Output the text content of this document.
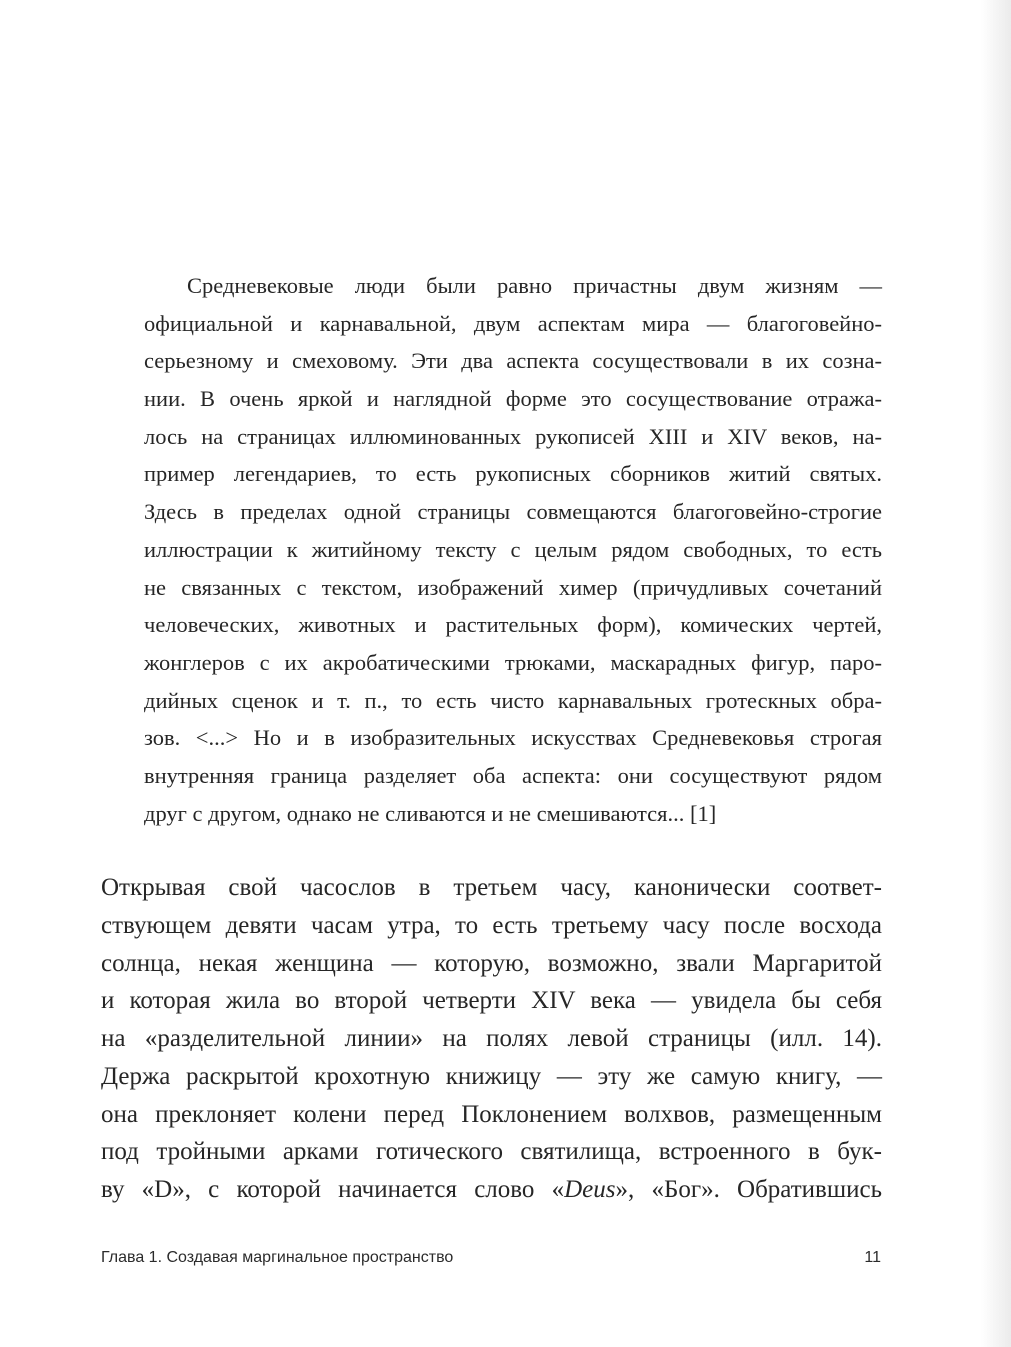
Средневековые люди были равно причастны двум жизням —
официальной и карнавальной, двум аспектам мира — благоговейно-
серьезному и смеховому. Эти два аспекта сосуществовали в их созна-
нии. В очень яркой и наглядной форме это сосуществование отража-
лось на страницах иллюминованных рукописей XIII и XIV веков, на-
пример легендариев, то есть рукописных сборников житий святых.
Здесь в пределах одной страницы совмещаются благоговейно-строгие
иллюстрации к житийному тексту с целым рядом свободных, то есть
не связанных с текстом, изображений химер (причудливых сочетаний
человеческих, животных и растительных форм), комических чертей,
жонглеров с их акробатическими трюками, маскарадных фигур, паро-
дийных сценок и т. п., то есть чисто карнавальных гротескных обра-
зов. <...> Но и в изобразительных искусствах Средневековья строгая
внутренняя граница разделяет оба аспекта: они сосуществуют рядом
друг с другом, однако не сливаются и не смешиваются... [1]
Открывая свой часослов в третьем часу, канонически соответ-
ствующем девяти часам утра, то есть третьему часу после восхода
солнца, некая женщина — которую, возможно, звали Маргаритой
и которая жила во второй четверти XIV века — увидела бы себя
на «разделительной линии» на полях левой страницы (илл. 14).
Держа раскрытой крохотную книжицу — эту же самую книгу, —
она преклоняет колени перед Поклонением волхвов, размещенным
под тройными арками готического святилища, встроенного в бук-
ву «D», с которой начинается слово «Deus», «Бог». Обратившись
Глава 1. Создавая маргинальное пространство	11
